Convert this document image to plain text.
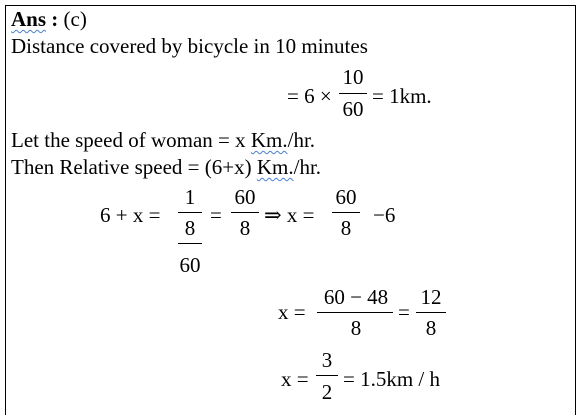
Ans : (c)
Distance covered by bicycle in 10 minutes
= 6 ×
10
60
= 1km.
Let the speed of woman = x Km./hr.
Then Relative speed = (6+x) Km./hr.
6 + x =
1
8
60
=
60
8
⇒ x =
60
8
−6
x =
60 − 48
8
=
12
8
x =
3
2
= 1.5km / h
